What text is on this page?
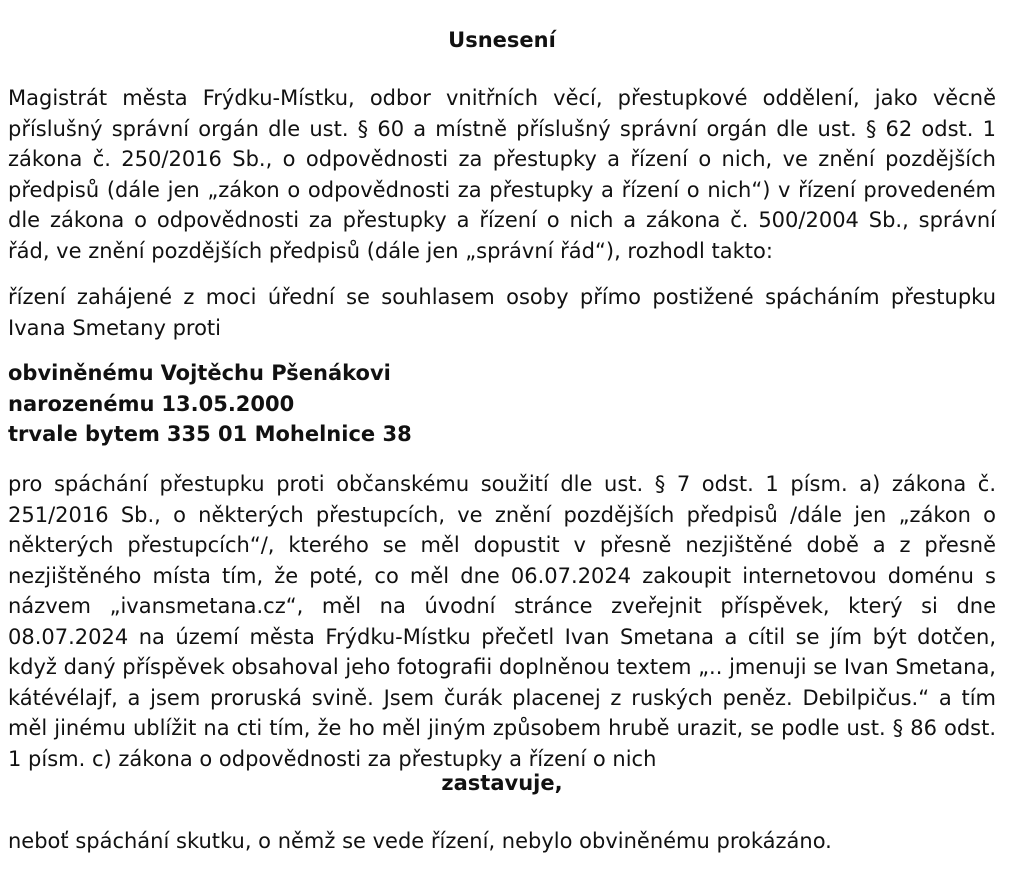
Usnesení

Magistrát města Frýdku-Místku, odbor vnitřních věcí, přestupkové oddělení, jako věcně příslušný správní orgán dle ust. § 60 a místně příslušný správní orgán dle ust. § 62 odst. 1 zákona č. 250/2016 Sb., o odpovědnosti za přestupky a řízení o nich, ve znění pozdějších předpisů (dále jen „zákon o odpovědnosti za přestupky a řízení o nich“) v řízení provedeném dle zákona o odpovědnosti za přestupky a řízení o nich a zákona č. 500/2004 Sb., správní řád, ve znění pozdějších předpisů (dále jen „správní řád“), rozhodl takto:

řízení zahájené z moci úřední se souhlasem osoby přímo postižené spácháním přestupku Ivana Smetany proti

obviněnému Vojtěchu Pšenákovi
narozenému 13.05.2000
trvale bytem 335 01 Mohelnice 38

pro spáchání přestupku proti občanskému soužití dle ust. § 7 odst. 1 písm. a) zákona č. 251/2016 Sb., o některých přestupcích, ve znění pozdějších předpisů /dále jen „zákon o některých přestupcích“/, kterého se měl dopustit v přesně nezjištěné době a z přesně nezjištěného místa tím, že poté, co měl dne 06.07.2024 zakoupit internetovou doménu s názvem „ivansmetana.cz“, měl na úvodní stránce zveřejnit příspěvek, který si dne 08.07.2024 na území města Frýdku-Místku přečetl Ivan Smetana a cítil se jím být dotčen, když daný příspěvek obsahoval jeho fotografii doplněnou textem „.. jmenuji se Ivan Smetana, kátévélajf, a jsem proruská svině. Jsem čurák placenej z ruských peněz. Debilpičus.“ a tím měl jinému ublížit na cti tím, že ho měl jiným způsobem hrubě urazit, se podle ust. § 86 odst. 1 písm. c) zákona o odpovědnosti za přestupky a řízení o nich

zastavuje,

neboť spáchání skutku, o němž se vede řízení, nebylo obviněnému prokázáno.
